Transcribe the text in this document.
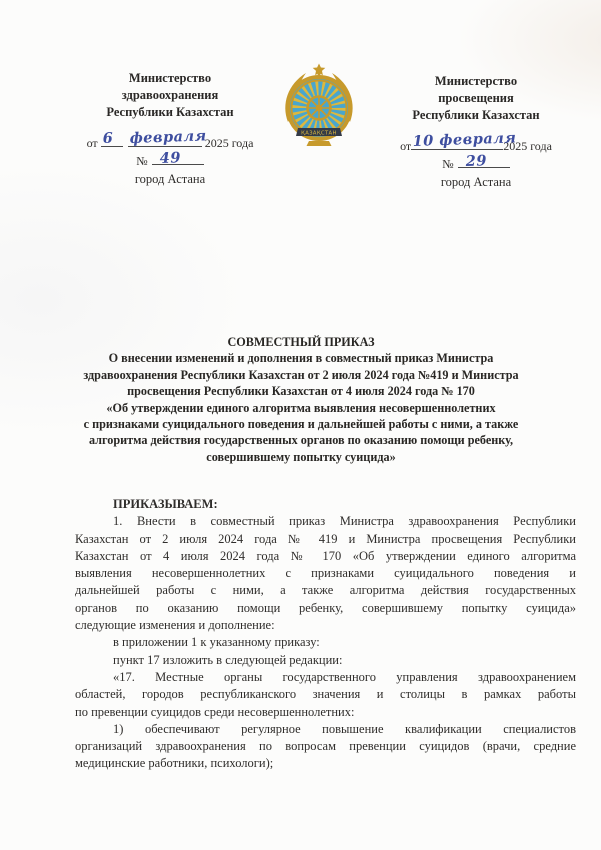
Министерство
здравоохранения
Республики Казахстан
от 6 февраля
2025 года
№ 49
город Астана
ҚАЗАҚСТАН
Министерство
просвещения
Республики Казахстан
от 10 февраля
2025 года
№ 29
город Астана
СОВМЕСТНЫЙ ПРИКАЗ
О внесении изменений и дополнения в совместный приказ Министра
здравоохранения Республики Казахстан от 2 июля 2024 года №419 и Министра
просвещения Республики Казахстан от 4 июля 2024 года № 170
«Об утверждении единого алгоритма выявления несовершеннолетних
с признаками суицидального поведения и дальнейшей работы с ними, а также
алгоритма действия государственных органов по оказанию помощи ребенку,
совершившему попытку суицида»
ПРИКАЗЫВАЕМ:
1. Внести в совместный приказ Министра здравоохранения Республики
Казахстан от 2 июля 2024 года № 419 и Министра просвещения Республики
Казахстан от 4 июля 2024 года № 170 «Об утверждении единого алгоритма
выявления несовершеннолетних с признаками суицидального поведения и
дальнейшей работы с ними, а также алгоритма действия государственных
органов по оказанию помощи ребенку, совершившему попытку суицида»
следующие изменения и дополнение:
в приложении 1 к указанному приказу:
пункт 17 изложить в следующей редакции:
«17. Местные органы государственного управления здравоохранением
областей, городов республиканского значения и столицы в рамках работы
по превенции суицидов среди несовершеннолетних:
1) обеспечивают регулярное повышение квалификации специалистов
организаций здравоохранения по вопросам превенции суицидов (врачи, средние
медицинские работники, психологи);
